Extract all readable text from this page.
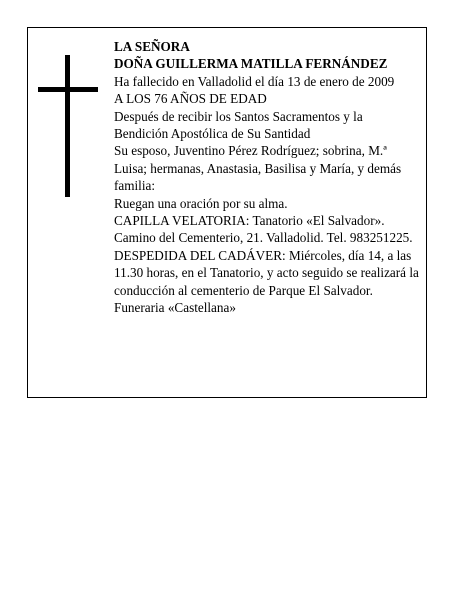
LA SEÑORA

DOÑA GUILLERMA MATILLA FERNÁNDEZ

Ha fallecido en Valladolid el día 13 de enero de 2009

A LOS 76 AÑOS DE EDAD

Después de recibir los Santos Sacramentos y la Bendición Apostólica de Su Santidad

Su esposo, Juventino Pérez Rodríguez; sobrina, M.ª Luisa; hermanas, Anastasia, Basilisa y María, y demás familia:

Ruegan una oración por su alma.

CAPILLA VELATORIA: Tanatorio «El Salvador». Camino del Cementerio, 21. Valladolid. Tel. 983251225.

DESPEDIDA DEL CADÁVER: Miércoles, día 14, a las 11.30 horas, en el Tanatorio, y acto seguido se realizará la conducción al cementerio de Parque El Salvador.

Funeraria «Castellana»
